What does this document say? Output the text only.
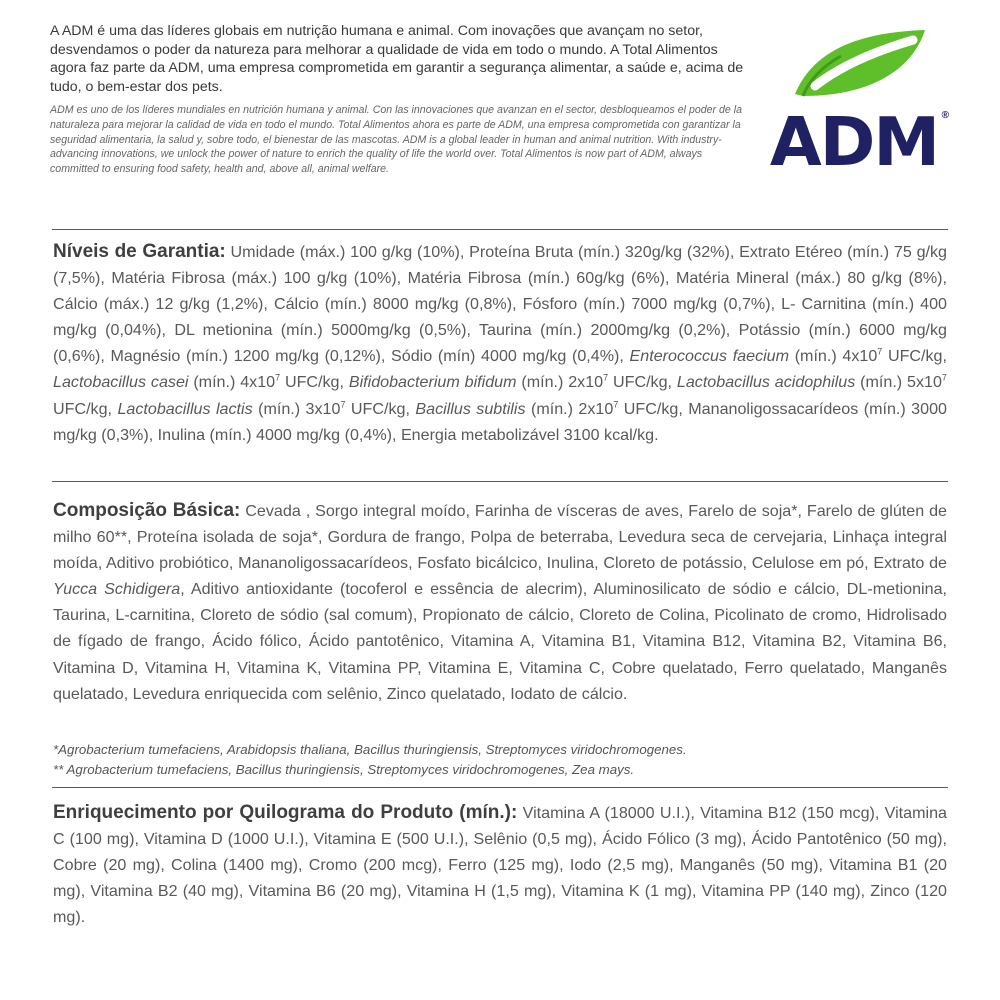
A ADM é uma das líderes globais em nutrição humana e animal. Com inovações que avançam no setor, desvendamos o poder da natureza para melhorar a qualidade de vida em todo o mundo. A Total Alimentos agora faz parte da ADM, uma empresa comprometida em garantir a segurança alimentar, a saúde e, acima de tudo, o bem-estar dos pets.

ADM es uno de los líderes mundiales en nutrición humana y animal. Con las innovaciones que avanzan en el sector, desbloqueamos el poder de la naturaleza para mejorar la calidad de vida en todo el mundo. Total Alimentos ahora es parte de ADM, una empresa comprometida con garantizar la seguridad alimentaria, la salud y, sobre todo, el bienestar de las mascotas. ADM is a global leader in human and animal nutrition. With industry-advancing innovations, we unlock the power of nature to enrich the quality of life the world over. Total Alimentos is now part of ADM, always committed to ensuring food safety, health and, above all, animal welfare.	ADM ®

Níveis de Garantia: Umidade (máx.) 100 g/kg (10%), Proteína Bruta (mín.) 320g/kg (32%), Extrato Etéreo (mín.) 75 g/kg (7,5%), Matéria Fibrosa (máx.) 100 g/kg (10%), Matéria Fibrosa (mín.) 60g/kg (6%), Matéria Mineral (máx.) 80 g/kg (8%), Cálcio (máx.) 12 g/kg (1,2%), Cálcio (mín.) 8000 mg/kg (0,8%), Fósforo (mín.) 7000 mg/kg (0,7%), L- Carnitina (mín.) 400 mg/kg (0,04%), DL metionina (mín.) 5000mg/kg (0,5%), Taurina (mín.) 2000mg/kg (0,2%), Potássio (mín.) 6000 mg/kg (0,6%), Magnésio (mín.) 1200 mg/kg (0,12%), Sódio (mín) 4000 mg/kg (0,4%), Enterococcus faecium (mín.) $4x10^7$ UFC/kg, Lactobacillus casei (mín.) $4x10^7$ UFC/kg, Bifidobacterium bifidum (mín.) $2x10^7$ UFC/kg, Lactobacillus acidophilus (mín.) $5x10^7$ UFC/kg, Lactobacillus lactis (mín.) $3x10^7$ UFC/kg, Bacillus subtilis (mín.) $2x10^7$ UFC/kg, Mananoligossacarídeos (mín.) 3000 mg/kg (0,3%), Inulina (mín.) 4000 mg/kg (0,4%), Energia metabolizável 3100 kcal/kg.

Composição Básica: Cevada , Sorgo integral moído, Farinha de vísceras de aves, Farelo de soja*, Farelo de glúten de milho 60**, Proteína isolada de soja*, Gordura de frango, Polpa de beterraba, Levedura seca de cervejaria, Linhaça integral moída, Aditivo probiótico, Mananoligossacarídeos, Fosfato bicálcico, Inulina, Cloreto de potássio, Celulose em pó, Extrato de Yucca Schidigera, Aditivo antioxidante (tocoferol e essência de alecrim), Aluminosilicato de sódio e cálcio, DL-metionina, Taurina, L-carnitina, Cloreto de sódio (sal comum), Propionato de cálcio, Cloreto de Colina, Picolinato de cromo, Hidrolisado de fígado de frango, Ácido fólico, Ácido pantotênico, Vitamina A, Vitamina B1, Vitamina B12, Vitamina B2, Vitamina B6, Vitamina D, Vitamina H, Vitamina K, Vitamina PP, Vitamina E, Vitamina C, Cobre quelatado, Ferro quelatado, Manganês quelatado, Levedura enriquecida com selênio, Zinco quelatado, Iodato de cálcio.

*Agrobacterium tumefaciens, Arabidopsis thaliana, Bacillus thuringiensis, Streptomyces viridochromogenes.
** Agrobacterium tumefaciens, Bacillus thuringiensis, Streptomyces viridochromogenes, Zea mays.

Enriquecimento por Quilograma do Produto (mín.): Vitamina A (18000 U.I.), Vitamina B12 (150 mcg), Vitamina C (100 mg), Vitamina D (1000 U.I.), Vitamina E (500 U.I.), Selênio (0,5 mg), Ácido Fólico (3 mg), Ácido Pantotênico (50 mg), Cobre (20 mg), Colina (1400 mg), Cromo (200 mcg), Ferro (125 mg), Iodo (2,5 mg), Manganês (50 mg), Vitamina B1 (20 mg), Vitamina B2 (40 mg), Vitamina B6 (20 mg), Vitamina H (1,5 mg), Vitamina K (1 mg), Vitamina PP (140 mg), Zinco (120 mg).
